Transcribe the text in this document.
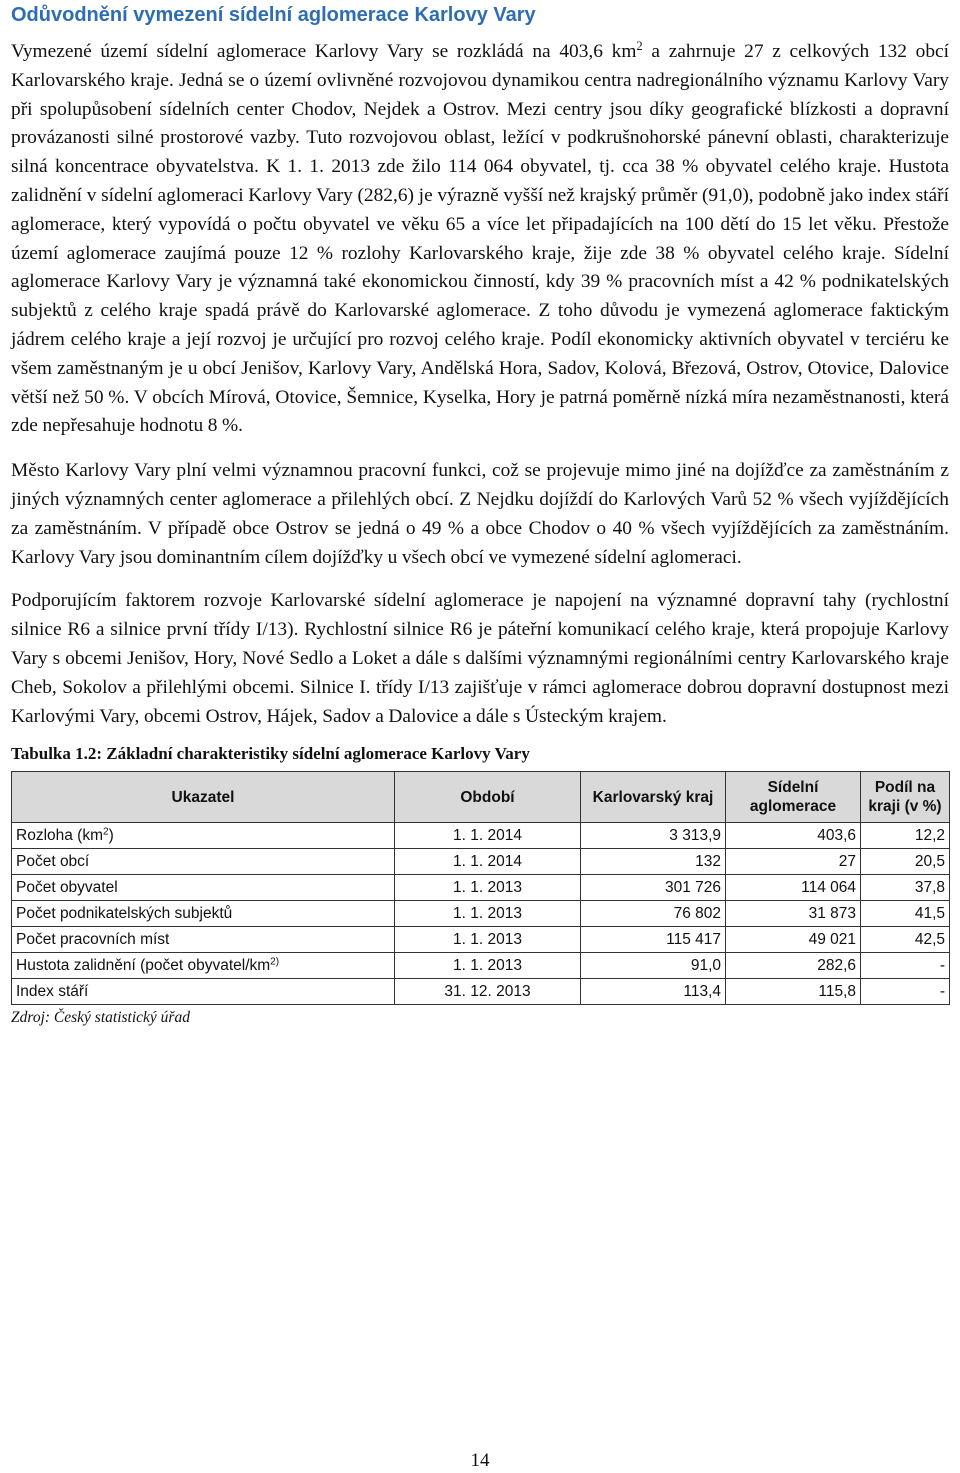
Odůvodnění vymezení sídelní aglomerace Karlovy Vary

Vymezené území sídelní aglomerace Karlovy Vary se rozkládá na 403,6 $km^2$ a zahrnuje 27 z celkových 132 obcí Karlovarského kraje. Jedná se o území ovlivněné rozvojovou dynamikou centra nadregionálního významu Karlovy Vary při spolupůsobení sídelních center Chodov, Nejdek a Ostrov. Mezi centry jsou díky geografické blízkosti a dopravní provázanosti silné prostorové vazby. Tuto rozvojovou oblast, ležící v podkrušnohorské pánevní oblasti, charakterizuje silná koncentrace obyvatelstva. K 1. 1. 2013 zde žilo 114 064 obyvatel, tj. cca 38 % obyvatel celého kraje. Hustota zalidnění v sídelní aglomeraci Karlovy Vary (282,6) je výrazně vyšší než krajský průměr (91,0), podobně jako index stáří aglomerace, který vypovídá o počtu obyvatel ve věku 65 a více let připadajících na 100 dětí do 15 let věku. Přestože území aglomerace zaujímá pouze 12 % rozlohy Karlovarského kraje, žije zde 38 % obyvatel celého kraje. Sídelní aglomerace Karlovy Vary je významná také ekonomickou činností, kdy 39 % pracovních míst a 42 % podnikatelských subjektů z celého kraje spadá právě do Karlovarské aglomerace. Z toho důvodu je vymezená aglomerace faktickým jádrem celého kraje a její rozvoj je určující pro rozvoj celého kraje. Podíl ekonomicky aktivních obyvatel v terciéru ke všem zaměstnaným je u obcí Jenišov, Karlovy Vary, Andělská Hora, Sadov, Kolová, Březová, Ostrov, Otovice, Dalovice větší než 50 %. V obcích Mírová, Otovice, Šemnice, Kyselka, Hory je patrná poměrně nízká míra nezaměstnanosti, která zde nepřesahuje hodnotu 8 %.

Město Karlovy Vary plní velmi významnou pracovní funkci, což se projevuje mimo jiné na dojížďce za zaměstnáním z jiných významných center aglomerace a přilehlých obcí. Z Nejdku dojíždí do Karlových Varů 52 % všech vyjíždějících za zaměstnáním. V případě obce Ostrov se jedná o 49 % a obce Chodov o 40 % všech vyjíždějících za zaměstnáním. Karlovy Vary jsou dominantním cílem dojížďky u všech obcí ve vymezené sídelní aglomeraci.

Podporujícím faktorem rozvoje Karlovarské sídelní aglomerace je napojení na významné dopravní tahy (rychlostní silnice R6 a silnice první třídy I/13). Rychlostní silnice R6 je páteřní komunikací celého kraje, která propojuje Karlovy Vary s obcemi Jenišov, Hory, Nové Sedlo a Loket a dále s dalšími významnými regionálními centry Karlovarského kraje Cheb, Sokolov a přilehlými obcemi. Silnice I. třídy I/13 zajišťuje v rámci aglomerace dobrou dopravní dostupnost mezi Karlovými Vary, obcemi Ostrov, Hájek, Sadov a Dalovice a dále s Ústeckým krajem.

Tabulka 1.2: Základní charakteristiky sídelní aglomerace Karlovy Vary
Ukazatel	Období	Karlovarský kraj	Sídelní aglomerace	Podíl na kraji (v %)
Rozloha $(km^2)$	1. 1. 2014	3 313,9	403,6	12,2
Počet obcí	1. 1. 2014	132	27	20,5
Počet obyvatel	1. 1. 2013	301 726	114 064	37,8
Počet podnikatelských subjektů	1. 1. 2013	76 802	31 873	41,5
Počet pracovních míst	1. 1. 2013	115 417	49 021	42,5
Hustota zalidnění (počet obyvatel/$km^{2)}$	1. 1. 2013	91,0	282,6	-
Index stáří	31. 12. 2013	113,4	115,8	-
Zdroj: Český statistický úřad
14
